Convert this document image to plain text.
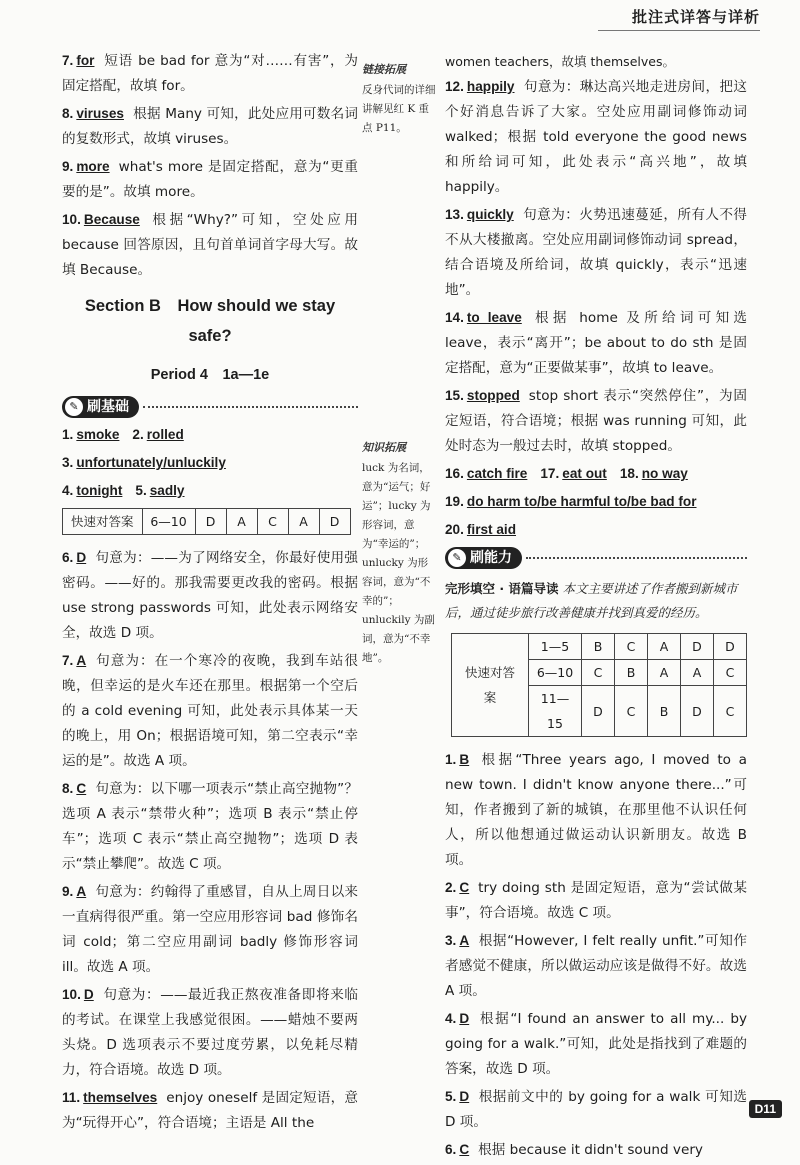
批注式详答与详析
7. for 短语 be bad for 意为“对……有害”，为固定搭配，故填 for。
8. viruses 根据 Many 可知，此处应用可数名词的复数形式，故填 viruses。
9. more what's more 是固定搭配，意为“更重要的是”。故填 more。
10. Because 根据“Why?”可知，空处应用 because 回答原因，且句首单词首字母大写。故填 Because。
Section B　How should we stay
safe?
Period 4　1a—1e
✎ 刷基础
1. smoke 2. rolled
3. unfortunately/unluckily
4. tonight 5. sadly
快速对答案	6—10	D	A	C	A	D
6. D 句意为：——为了网络安全，你最好使用强密码。——好的。那我需要更改我的密码。根据 use strong passwords 可知，此处表示网络安全，故选 D 项。
7. A 句意为：在一个寒冷的夜晚，我到车站很晚，但幸运的是火车还在那里。根据第一个空后的 a cold evening 可知，此处表示具体某一天的晚上，用 On；根据语境可知，第二空表示“幸运的是”。故选 A 项。
8. C 句意为：以下哪一项表示“禁止高空抛物”？选项 A 表示“禁带火种”；选项 B 表示“禁止停车”；选项 C 表示“禁止高空抛物”；选项 D 表示“禁止攀爬”。故选 C 项。
9. A 句意为：约翰得了重感冒，自从上周日以来一直病得很严重。第一空应用形容词 bad 修饰名词 cold；第二空应用副词 badly 修饰形容词 ill。故选 A 项。
10. D 句意为：——最近我正熬夜准备即将来临的考试。在课堂上我感觉很困。——蜡烛不要两头烧。D 选项表示不要过度劳累，以免耗尽精力，符合语境。故选 D 项。
11. themselves enjoy oneself 是固定短语，意为“玩得开心”，符合语境；主语是 All the
链接拓展
反身代词的详细讲解见红 K 重点 P11。
知识拓展
luck 为名词，意为“运气；好运”；lucky 为形容词，意为“幸运的”；unlucky 为形容词，意为“不幸的”；unluckily 为副词，意为“不幸地”。
women teachers，故填 themselves。
12. happily 句意为：琳达高兴地走进房间，把这个好消息告诉了大家。空处应用副词修饰动词 walked；根据 told everyone the good news 和所给词可知，此处表示“高兴地”，故填 happily。
13. quickly 句意为：火势迅速蔓延，所有人不得不从大楼撤离。空处应用副词修饰动词 spread，结合语境及所给词，故填 quickly，表示“迅速地”。
14. to leave 根据 home 及所给词可知选 leave，表示“离开”；be about to do sth 是固定搭配，意为“正要做某事”，故填 to leave。
15. stopped stop short 表示“突然停住”，为固定短语，符合语境；根据 was running 可知，此处时态为一般过去时，故填 stopped。
16. catch fire 17. eat out 18. no way
19. do harm to/be harmful to/be bad for
20. first aid
✎ 刷能力
完形填空 · 语篇导读 本文主要讲述了作者搬到新城市后，通过徒步旅行改善健康并找到真爱的经历。
快速对答案	1—5	B	C	A	D	D
	6—10	C	B	A	A	C
	11—15	D	C	B	D	C
1. B 根据“Three years ago, I moved to a new town. I didn't know anyone there...”可知，作者搬到了新的城镇，在那里他不认识任何人，所以他想通过做运动认识新朋友。故选 B 项。
2. C try doing sth 是固定短语，意为“尝试做某事”，符合语境。故选 C 项。
3. A 根据“However, I felt really unfit.”可知作者感觉不健康，所以做运动应该是做得不好。故选 A 项。
4. D 根据“I found an answer to all my... by going for a walk.”可知，此处是指找到了难题的答案，故选 D 项。
5. D 根据前文中的 by going for a walk 可知选 D 项。
6. C 根据 because it didn't sound very
D11
